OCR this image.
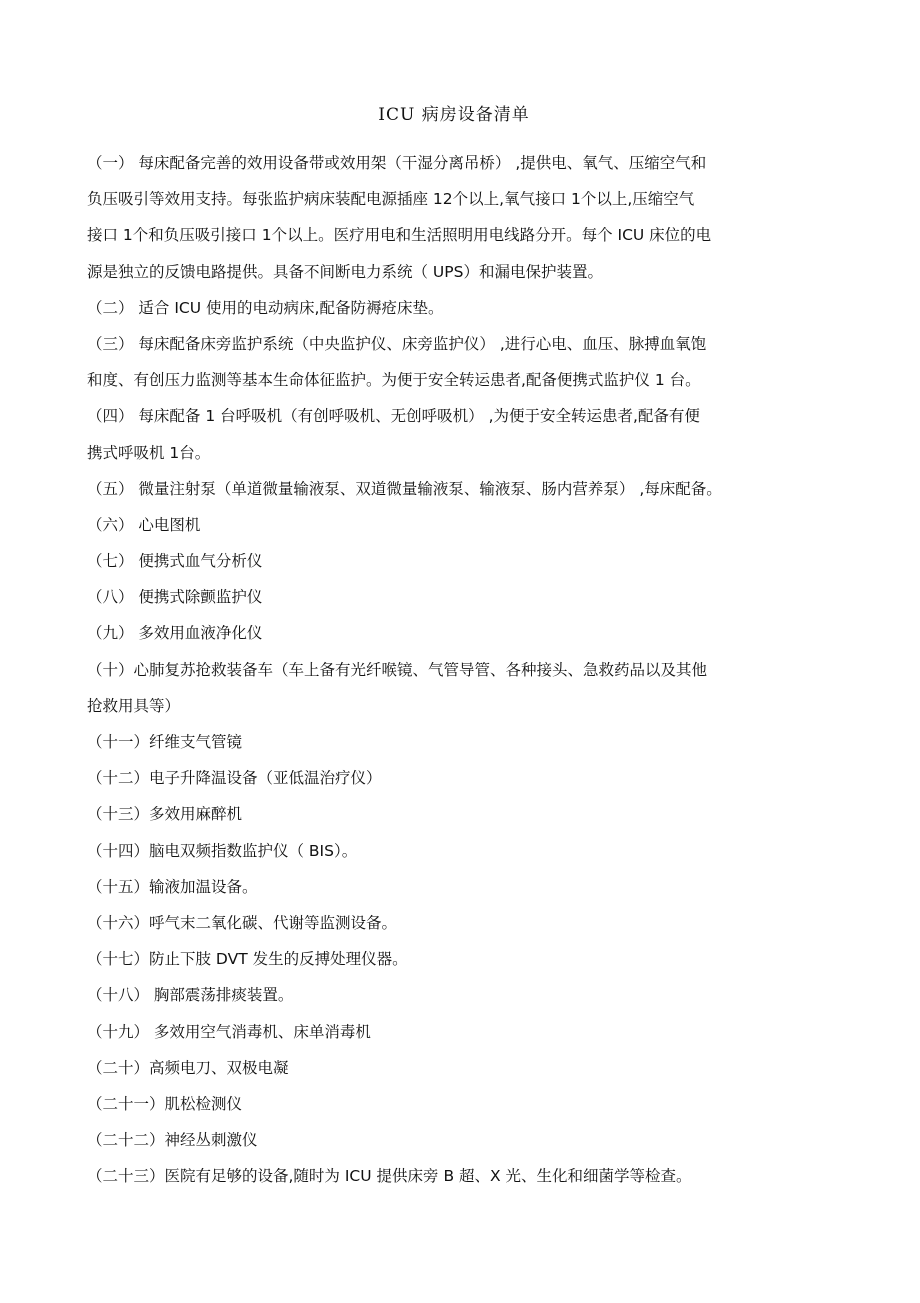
ICU 病房设备清单
（一） 每床配备完善的效用设备带或效用架（干湿分离吊桥） ,提供电、氧气、压缩空气和
负压吸引等效用支持。每张监护病床装配电源插座 12个以上,氧气接口 1个以上,压缩空气
接口 1个和负压吸引接口 1个以上。医疗用电和生活照明用电线路分开。每个 ICU 床位的电
源是独立的反馈电路提供。具备不间断电力系统（ UPS）和漏电保护装置。
（二） 适合 ICU 使用的电动病床,配备防褥疮床垫。
（三） 每床配备床旁监护系统（中央监护仪、床旁监护仪） ,进行心电、血压、脉搏血氧饱
和度、有创压力监测等基本生命体征监护。为便于安全转运患者,配备便携式监护仪 1 台。
（四） 每床配备 1 台呼吸机（有创呼吸机、无创呼吸机） ,为便于安全转运患者,配备有便
携式呼吸机 1台。
（五） 微量注射泵（单道微量输液泵、双道微量输液泵、输液泵、肠内营养泵） ,每床配备。
（六） 心电图机
（七） 便携式血气分析仪
（八） 便携式除颤监护仪
（九） 多效用血液净化仪
（十）心肺复苏抢救装备车（车上备有光纤喉镜、气管导管、各种接头、急救药品以及其他
抢救用具等）
（十一）纤维支气管镜
（十二）电子升降温设备（亚低温治疗仪）
（十三）多效用麻醉机
（十四）脑电双频指数监护仪（ BIS）。
（十五）输液加温设备。
（十六）呼气末二氧化碳、代谢等监测设备。
（十七）防止下肢 DVT 发生的反搏处理仪器。
（十八） 胸部震荡排痰装置。
（十九） 多效用空气消毒机、床单消毒机
（二十）高频电刀、双极电凝
（二十一）肌松检测仪
（二十二）神经丛刺激仪
（二十三）医院有足够的设备,随时为 ICU 提供床旁 B 超、X 光、生化和细菌学等检查。
